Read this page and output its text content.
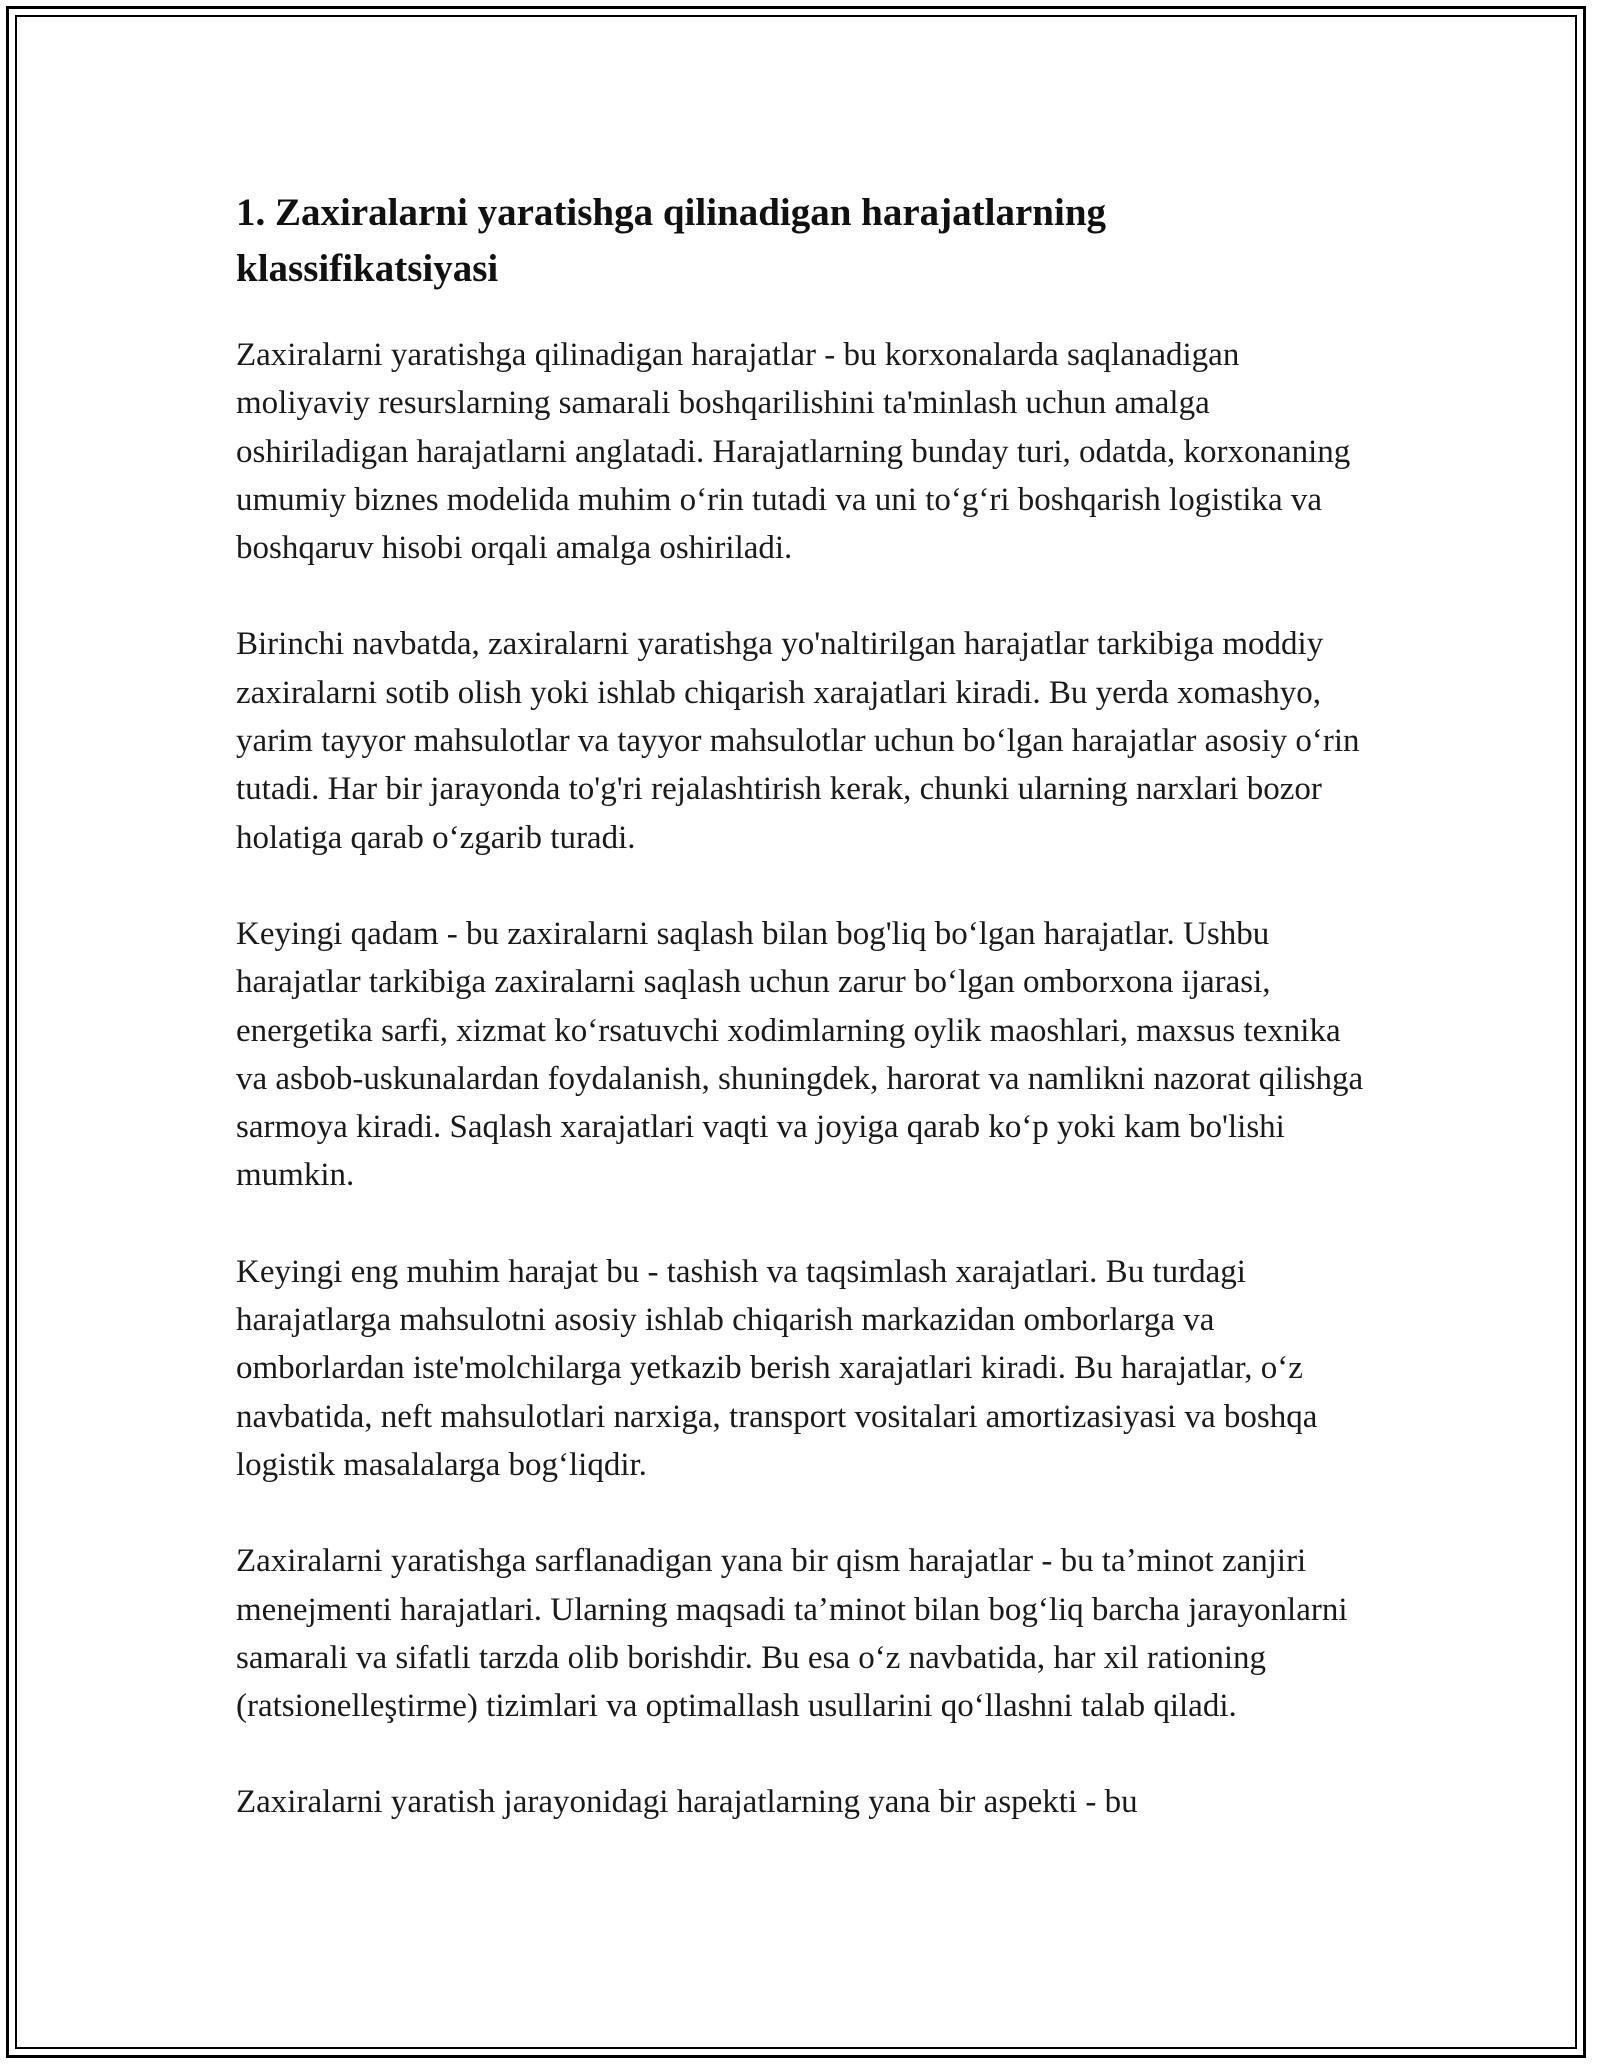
1. Zaxiralarni yaratishga qilinadigan harajatlarning klassifikatsiyasi

Zaxiralarni yaratishga qilinadigan harajatlar - bu korxonalarda saqlanadigan moliyaviy resurslarning samarali boshqarilishini ta'minlash uchun amalga oshiriladigan harajatlarni anglatadi. Harajatlarning bunday turi, odatda, korxonaning umumiy biznes modelida muhim oʻrin tutadi va uni toʻgʻri boshqarish logistika va boshqaruv hisobi orqali amalga oshiriladi.

Birinchi navbatda, zaxiralarni yaratishga yo'naltirilgan harajatlar tarkibiga moddiy zaxiralarni sotib olish yoki ishlab chiqarish xarajatlari kiradi. Bu yerda xomashyo, yarim tayyor mahsulotlar va tayyor mahsulotlar uchun boʻlgan harajatlar asosiy oʻrin tutadi. Har bir jarayonda to'g'ri rejalashtirish kerak, chunki ularning narxlari bozor holatiga qarab oʻzgarib turadi.

Keyingi qadam - bu zaxiralarni saqlash bilan bog'liq boʻlgan harajatlar. Ushbu harajatlar tarkibiga zaxiralarni saqlash uchun zarur boʻlgan omborxona ijarasi, energetika sarfi, xizmat koʻrsatuvchi xodimlarning oylik maoshlari, maxsus texnika va asbob-uskunalardan foydalanish, shuningdek, harorat va namlikni nazorat qilishga sarmoya kiradi. Saqlash xarajatlari vaqti va joyiga qarab koʻp yoki kam bo'lishi mumkin.

Keyingi eng muhim harajat bu - tashish va taqsimlash xarajatlari. Bu turdagi harajatlarga mahsulotni asosiy ishlab chiqarish markazidan omborlarga va omborlardan iste'molchilarga yetkazib berish xarajatlari kiradi. Bu harajatlar, oʻz navbatida, neft mahsulotlari narxiga, transport vositalari amortizasiyasi va boshqa logistik masalalarga bogʻliqdir.

Zaxiralarni yaratishga sarflanadigan yana bir qism harajatlar - bu taʼminot zanjiri menejmenti harajatlari. Ularning maqsadi taʼminot bilan bogʻliq barcha jarayonlarni samarali va sifatli tarzda olib borishdir. Bu esa oʻz navbatida, har xil rationing (ratsionelleştirme) tizimlari va optimallash usullarini qoʻllashni talab qiladi.

Zaxiralarni yaratish jarayonidagi harajatlarning yana bir aspekti - bu
